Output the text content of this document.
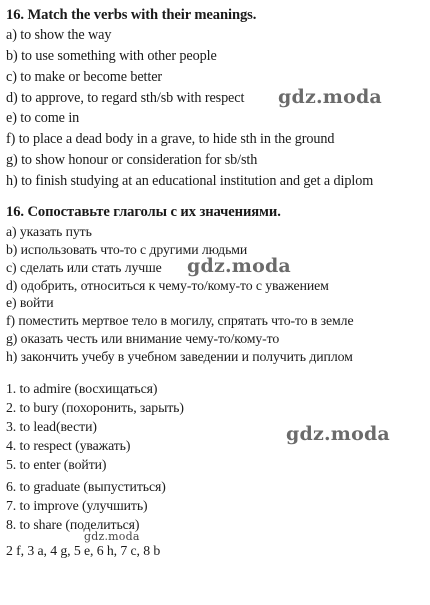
16. Match the verbs with their meanings.
a) to show the way
b) to use something with other people
c) to make or become better
d) to approve, to regard sth/sb with respect
e) to come in
f) to place a dead body in a grave, to hide sth in the ground
g) to show honour or consideration for sb/sth
h) to finish studying at an educational institution and get a diplom
16. Сопоставьте глаголы с их значениями.
a) указать путь
b) использовать что-то с другими людьми
c) сделать или стать лучше
d) одобрить, относиться к чему-то/кому-то с уважением
e) войти
f) поместить мертвое тело в могилу, спрятать что-то в земле
g) оказать честь или внимание чему-то/кому-то
h) закончить учебу в учебном заведении и получить диплом
1. to admire (восхищаться)
2. to bury (похоронить, зарыть)
3. to lead(вести)
4. to respect (уважать)
5. to enter (войти)
6. to graduate (выпуститься)
7. to improve (улучшить)
8. to share (поделиться)
2 f, 3 a, 4 g, 5 e, 6 h, 7 c, 8 b
gdz.moda
gdz.moda
gdz.moda
gdz.moda
